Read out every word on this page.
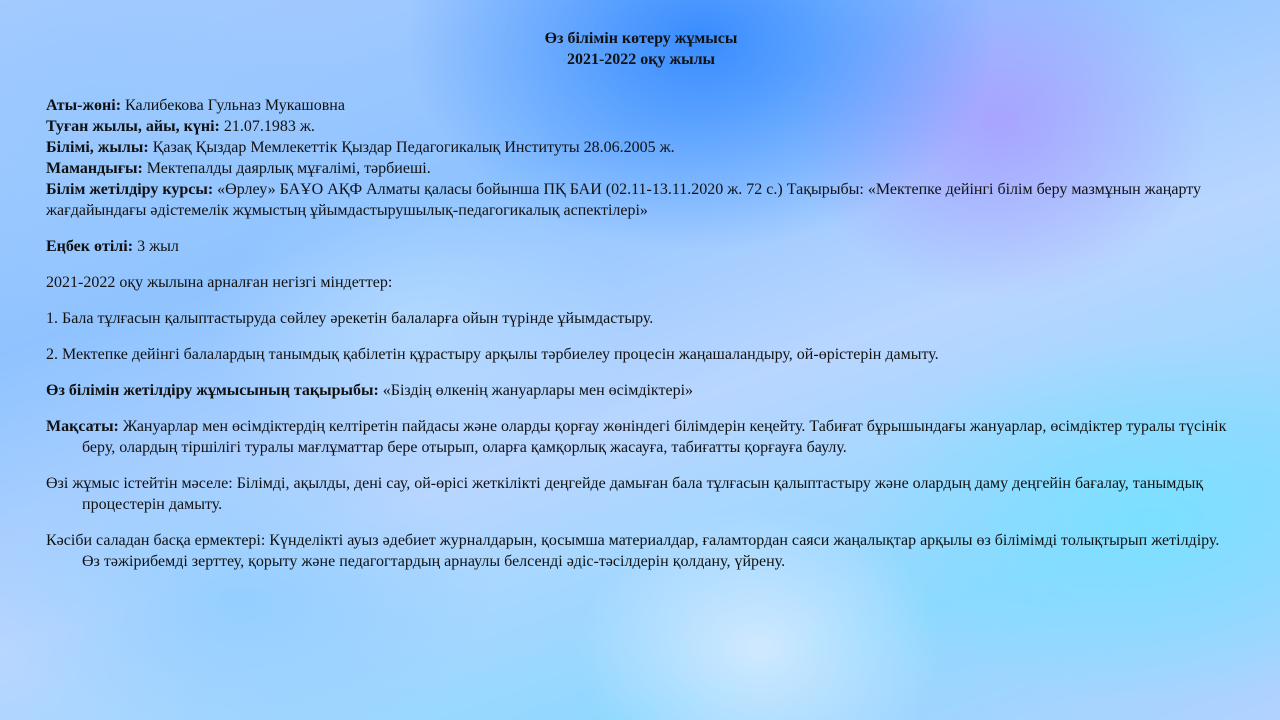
Өз білімін көтеру жұмысы
2021-2022 оқу жылы
Аты-жөні: Калибекова Гульназ Мукашовна
Туған жылы, айы, күні: 21.07.1983 ж.
Білімі, жылы: Қазақ Қыздар Мемлекеттік Қыздар Педагогикалық Институты 28.06.2005 ж.
Мамандығы: Мектепалды даярлық мұғалімі, тәрбиеші.
Білім жетілдіру курсы: «Өрлеу» БАҰО АҚФ Алматы қаласы бойынша ПҚ БАИ (02.11-13.11.2020 ж. 72 с.) Тақырыбы: «Мектепке дейінгі білім беру мазмұнын жаңарту жағдайындағы әдістемелік жұмыстың ұйымдастырушылық-педагогикалық аспектілері»
Еңбек өтілі: 3 жыл
2021-2022 оқу жылына арналған негізгі міндеттер:
1. Бала тұлғасын қалыптастыруда сөйлеу әрекетін балаларға ойын түрінде ұйымдастыру.
2. Мектепке дейінгі балалардың танымдық қабілетін құрастыру арқылы тәрбиелеу процесін жаңашаландыру, ой-өрістерін дамыту.
Өз білімін жетілдіру жұмысының тақырыбы: «Біздің өлкенің жануарлары мен өсімдіктері»
Мақсаты: Жануарлар мен өсімдіктердің келтіретін пайдасы және оларды қорғау жөніндегі білімдерін кеңейту. Табиғат бұрышындағы жануарлар, өсімдіктер туралы түсінік беру, олардың тіршілігі туралы мағлұматтар бере отырып, оларға қамқорлық жасауға, табиғатты қорғауға баулу.
Өзі жұмыс істейтін мәселе: Білімді, ақылды, дені сау, ой-өрісі жеткілікті деңгейде дамыған бала тұлғасын қалыптастыру және олардың даму деңгейін бағалау, танымдық процестерін дамыту.
Кәсіби саладан басқа ермектері: Күнделікті ауыз әдебиет журналдарын, қосымша материалдар, ғаламтордан саяси жаңалықтар арқылы өз білімімді толықтырып жетілдіру. Өз тәжірибемді зерттеу, қорыту және педагогтардың арнаулы белсенді әдіс-тәсілдерін қолдану, үйрену.
